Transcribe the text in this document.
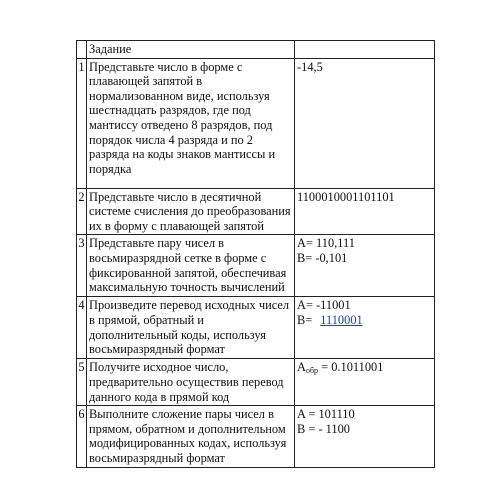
	Задание	
1	Представьте число в форме с плавающей запятой в нормализованном виде, используя шестнадцать разрядов, где под мантиссу отведено 8 разрядов, под порядок числа 4 разряда и по 2 разряда на коды знаков мантиссы и порядка	-14,5

2	Представьте число в десятичной системе счисления до преобразования их в форму с плавающей запятой	1100010001101101

3	Представьте пару чисел в восьмиразрядной сетке в форме с фиксированной запятой, обеспечивая максимальную точность вычислений	A= 110,111
B= -0,101

4	Произведите перевод исходных чисел в прямой, обратный и дополнительный коды, используя восьмиразрядный формат	A= -11001
B= 1110001

5	Получите исходное число, предварительно осуществив перевод данного кода в прямой код	$A_{обр} = 0.1011001$

6	Выполните сложение пары чисел в прямом, обратном и дополнительном модифицированных кодах, используя восьмиразрядный формат	A = 101110
B = - 1100
